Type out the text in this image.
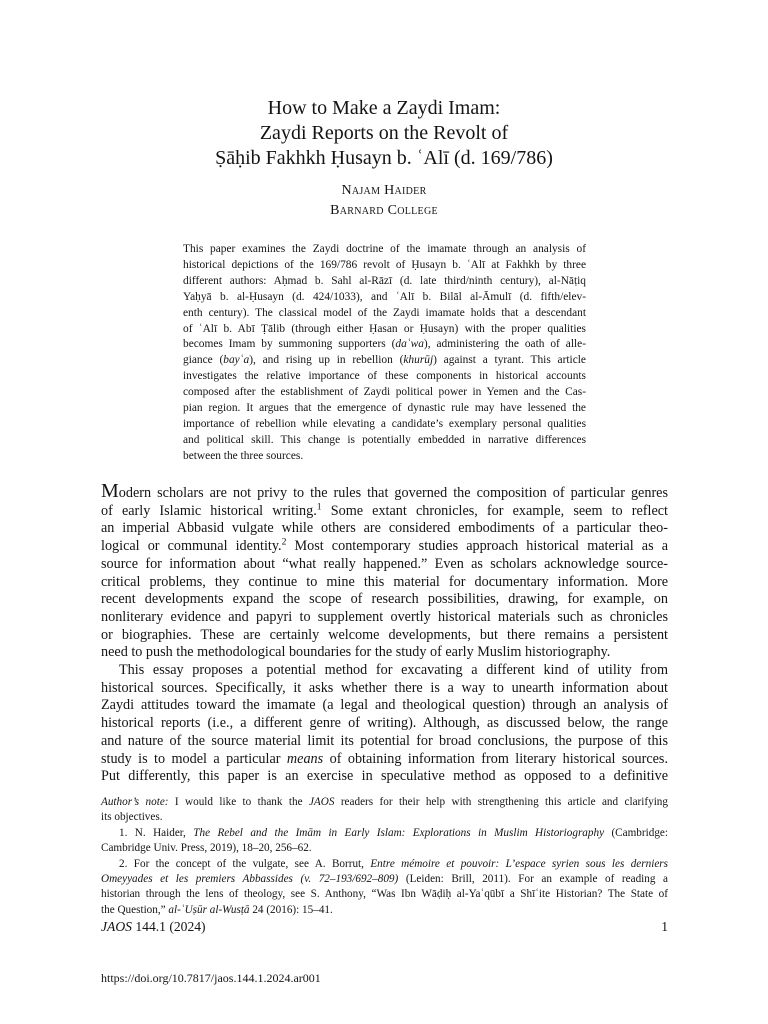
How to Make a Zaydi Imam:
Zaydi Reports on the Revolt of
Ṣāḥib Fakhkh Ḥusayn b. ʿAlī (d. 169/786)
Najam Haider
Barnard College
This paper examines the Zaydi doctrine of the imamate through an analysis of
historical depictions of the 169/786 revolt of Ḥusayn b. ʿAlī at Fakhkh by three
different authors: Aḥmad b. Sahl al-Rāzī (d. late third/ninth century), al-Nāṭiq
Yaḥyā b. al-Ḥusayn (d. 424/1033), and ʿAlī b. Bilāl al-Āmulī (d. fifth/elev-
enth century). The classical model of the Zaydi imamate holds that a descendant
of ʿAlī b. Abī Ṭālib (through either Ḥasan or Ḥusayn) with the proper qualities
becomes Imam by summoning supporters (daʿwa), administering the oath of alle-
giance (bayʿa), and rising up in rebellion (khurūj) against a tyrant. This article
investigates the relative importance of these components in historical accounts
composed after the establishment of Zaydi political power in Yemen and the Cas-
pian region. It argues that the emergence of dynastic rule may have lessened the
importance of rebellion while elevating a candidate’s exemplary personal qualities
and political skill. This change is potentially embedded in narrative differences
between the three sources.
Modern scholars are not privy to the rules that governed the composition of particular genres
of early Islamic historical writing.$^1$ Some extant chronicles, for example, seem to reflect
an imperial Abbasid vulgate while others are considered embodiments of a particular theo-
logical or communal identity.$^2$ Most contemporary studies approach historical material as a
source for information about “what really happened.” Even as scholars acknowledge source-
critical problems, they continue to mine this material for documentary information. More
recent developments expand the scope of research possibilities, drawing, for example, on
nonliterary evidence and papyri to supplement overtly historical materials such as chronicles
or biographies. These are certainly welcome developments, but there remains a persistent
need to push the methodological boundaries for the study of early Muslim historiography.
This essay proposes a potential method for excavating a different kind of utility from
historical sources. Specifically, it asks whether there is a way to unearth information about
Zaydi attitudes toward the imamate (a legal and theological question) through an analysis of
historical reports (i.e., a different genre of writing). Although, as discussed below, the range
and nature of the source material limit its potential for broad conclusions, the purpose of this
study is to model a particular means of obtaining information from literary historical sources.
Put differently, this paper is an exercise in speculative method as opposed to a definitive
Author’s note: I would like to thank the JAOS readers for their help with strengthening this article and clarifying
its objectives.
1. N. Haider, The Rebel and the Imām in Early Islam: Explorations in Muslim Historiography (Cambridge:
Cambridge Univ. Press, 2019), 18–20, 256–62.
2. For the concept of the vulgate, see A. Borrut, Entre mémoire et pouvoir: L’espace syrien sous les derniers
Omeyyades et les premiers Abbassides (v. 72–193/692–809) (Leiden: Brill, 2011). For an example of reading a
historian through the lens of theology, see S. Anthony, “Was Ibn Wāḍiḥ al-Yaʿqūbī a Shīʿite Historian? The State of
the Question,” al-ʿUṣūr al-Wusṭā 24 (2016): 15–41.
JAOS 144.1 (2024)	1
https://doi.org/10.7817/jaos.144.1.2024.ar001
